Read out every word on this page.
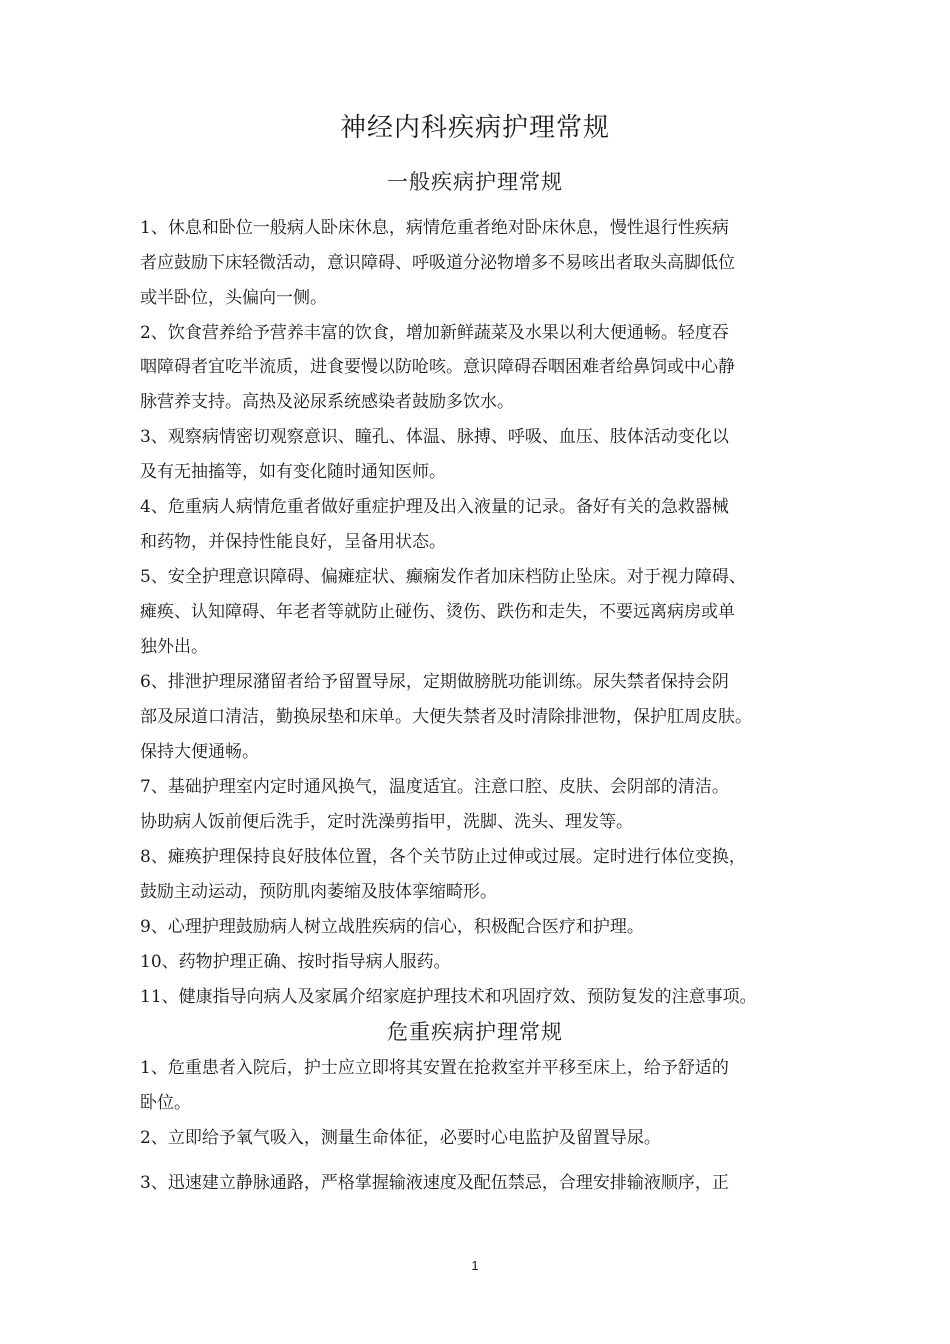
神经内科疾病护理常规
一般疾病护理常规
1、休息和卧位一般病人卧床休息，病情危重者绝对卧床休息，慢性退行性疾病
者应鼓励下床轻微活动，意识障碍、呼吸道分泌物增多不易咳出者取头高脚低位
或半卧位，头偏向一侧。
2、饮食营养给予营养丰富的饮食，增加新鲜蔬菜及水果以利大便通畅。轻度吞
咽障碍者宜吃半流质，进食要慢以防呛咳。意识障碍吞咽困难者给鼻饲或中心静
脉营养支持。高热及泌尿系统感染者鼓励多饮水。
3、观察病情密切观察意识、瞳孔、体温、脉搏、呼吸、血压、肢体活动变化以
及有无抽搐等，如有变化随时通知医师。
4、危重病人病情危重者做好重症护理及出入液量的记录。备好有关的急救器械
和药物，并保持性能良好，呈备用状态。
5、安全护理意识障碍、偏瘫症状、癫痫发作者加床档防止坠床。对于视力障碍、
瘫痪、认知障碍、年老者等就防止碰伤、烫伤、跌伤和走失，不要远离病房或单
独外出。
6、排泄护理尿潴留者给予留置导尿，定期做膀胱功能训练。尿失禁者保持会阴
部及尿道口清洁，勤换尿垫和床单。大便失禁者及时清除排泄物，保护肛周皮肤。
保持大便通畅。
7、基础护理室内定时通风换气，温度适宜。注意口腔、皮肤、会阴部的清洁。
协助病人饭前便后洗手，定时洗澡剪指甲，洗脚、洗头、理发等。
8、瘫痪护理保持良好肢体位置，各个关节防止过伸或过展。定时进行体位变换，
鼓励主动运动，预防肌肉萎缩及肢体挛缩畸形。
9、心理护理鼓励病人树立战胜疾病的信心，积极配合医疗和护理。
10、药物护理正确、按时指导病人服药。
11、健康指导向病人及家属介绍家庭护理技术和巩固疗效、预防复发的注意事项。
危重疾病护理常规
1、危重患者入院后，护士应立即将其安置在抢救室并平移至床上，给予舒适的
卧位。
2、立即给予氧气吸入，测量生命体征，必要时心电监护及留置导尿。
3、迅速建立静脉通路，严格掌握输液速度及配伍禁忌，合理安排输液顺序，正
1
